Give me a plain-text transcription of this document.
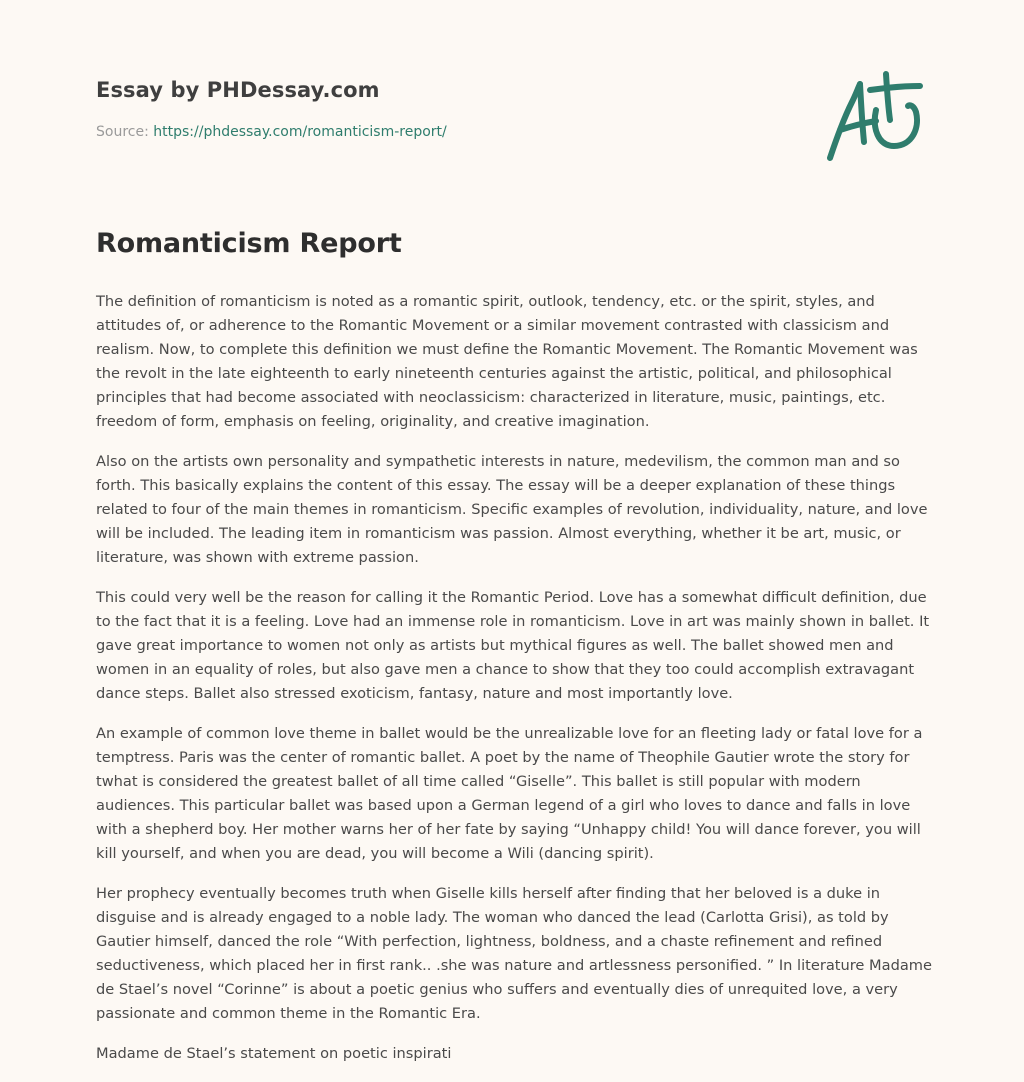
Essay by PHDessay.com
Source: https://phdessay.com/romanticism-report/
Romanticism Report

The definition of romanticism is noted as a romantic spirit, outlook, tendency, etc. or the spirit, styles, and attitudes of, or adherence to the Romantic Movement or a similar movement contrasted with classicism and realism. Now, to complete this definition we must define the Romantic Movement. The Romantic Movement was the revolt in the late eighteenth to early nineteenth centuries against the artistic, political, and philosophical principles that had become associated with neoclassicism: characterized in literature, music, paintings, etc. freedom of form, emphasis on feeling, originality, and creative imagination.

Also on the artists own personality and sympathetic interests in nature, medevilism, the common man and so forth. This basically explains the content of this essay. The essay will be a deeper explanation of these things related to four of the main themes in romanticism. Specific examples of revolution, individuality, nature, and love will be included. The leading item in romanticism was passion. Almost everything, whether it be art, music, or literature, was shown with extreme passion.

This could very well be the reason for calling it the Romantic Period. Love has a somewhat difficult definition, due to the fact that it is a feeling. Love had an immense role in romanticism. Love in art was mainly shown in ballet. It gave great importance to women not only as artists but mythical figures as well. The ballet showed men and women in an equality of roles, but also gave men a chance to show that they too could accomplish extravagant dance steps. Ballet also stressed exoticism, fantasy, nature and most importantly love.

An example of common love theme in ballet would be the unrealizable love for an fleeting lady or fatal love for a temptress. Paris was the center of romantic ballet. A poet by the name of Theophile Gautier wrote the story for twhat is considered the greatest ballet of all time called “Giselle”. This ballet is still popular with modern audiences. This particular ballet was based upon a German legend of a girl who loves to dance and falls in love with a shepherd boy. Her mother warns her of her fate by saying “Unhappy child! You will dance forever, you will kill yourself, and when you are dead, you will become a Wili (dancing spirit).

Her prophecy eventually becomes truth when Giselle kills herself after finding that her beloved is a duke in disguise and is already engaged to a noble lady. The woman who danced the lead (Carlotta Grisi), as told by Gautier himself, danced the role “With perfection, lightness, boldness, and a chaste refinement and refined seductiveness, which placed her in first rank.. .she was nature and artlessness personified. ” In literature Madame de Stael’s novel “Corinne” is about a poetic genius who suffers and eventually dies of unrequited love, a very passionate and common theme in the Romantic Era.

Madame de Stael’s statement on poetic inspirati
